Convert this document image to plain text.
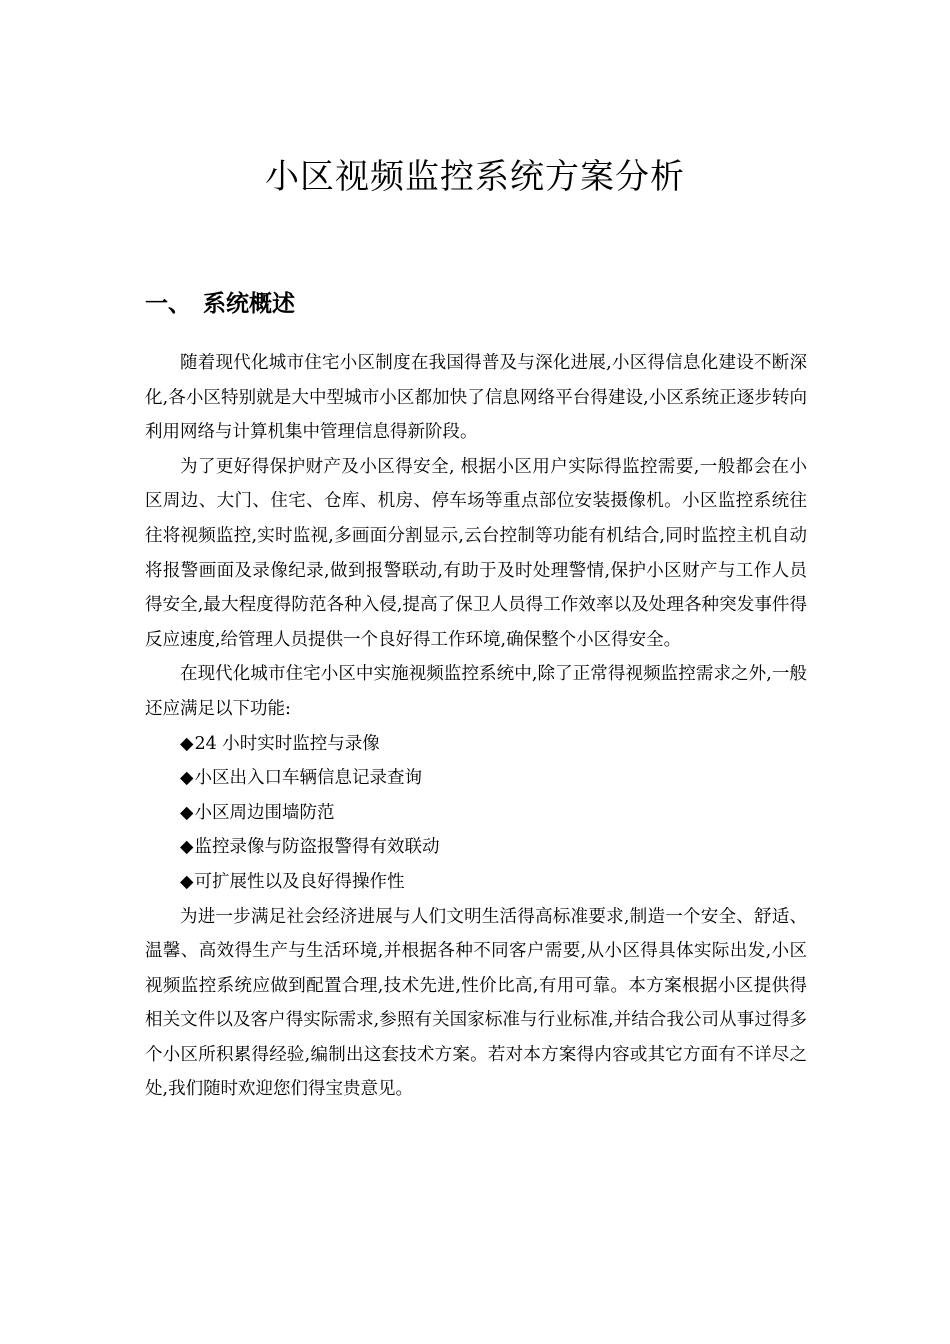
小区视频监控系统方案分析
一、 系统概述

随着现代化城市住宅小区制度在我国得普及与深化进展,小区得信息化建设不断深化,各小区特别就是大中型城市小区都加快了信息网络平台得建设,小区系统正逐步转向利用网络与计算机集中管理信息得新阶段。

为了更好得保护财产及小区得安全, 根据小区用户实际得监控需要,一般都会在小区周边、大门、住宅、仓库、机房、停车场等重点部位安装摄像机。小区监控系统往往将视频监控,实时监视,多画面分割显示,云台控制等功能有机结合,同时监控主机自动将报警画面及录像纪录,做到报警联动,有助于及时处理警情,保护小区财产与工作人员得安全,最大程度得防范各种入侵,提高了保卫人员得工作效率以及处理各种突发事件得反应速度,给管理人员提供一个良好得工作环境,确保整个小区得安全。

在现代化城市住宅小区中实施视频监控系统中,除了正常得视频监控需求之外,一般还应满足以下功能:

◆24 小时实时监控与录像
◆小区出入口车辆信息记录查询
◆小区周边围墙防范
◆监控录像与防盗报警得有效联动
◆可扩展性以及良好得操作性

为进一步满足社会经济进展与人们文明生活得高标准要求,制造一个安全、舒适、温馨、高效得生产与生活环境,并根据各种不同客户需要,从小区得具体实际出发,小区视频监控系统应做到配置合理,技术先进,性价比高,有用可靠。本方案根据小区提供得相关文件以及客户得实际需求,参照有关国家标准与行业标准,并结合我公司从事过得多个小区所积累得经验,编制出这套技术方案。若对本方案得内容或其它方面有不详尽之处,我们随时欢迎您们得宝贵意见。
